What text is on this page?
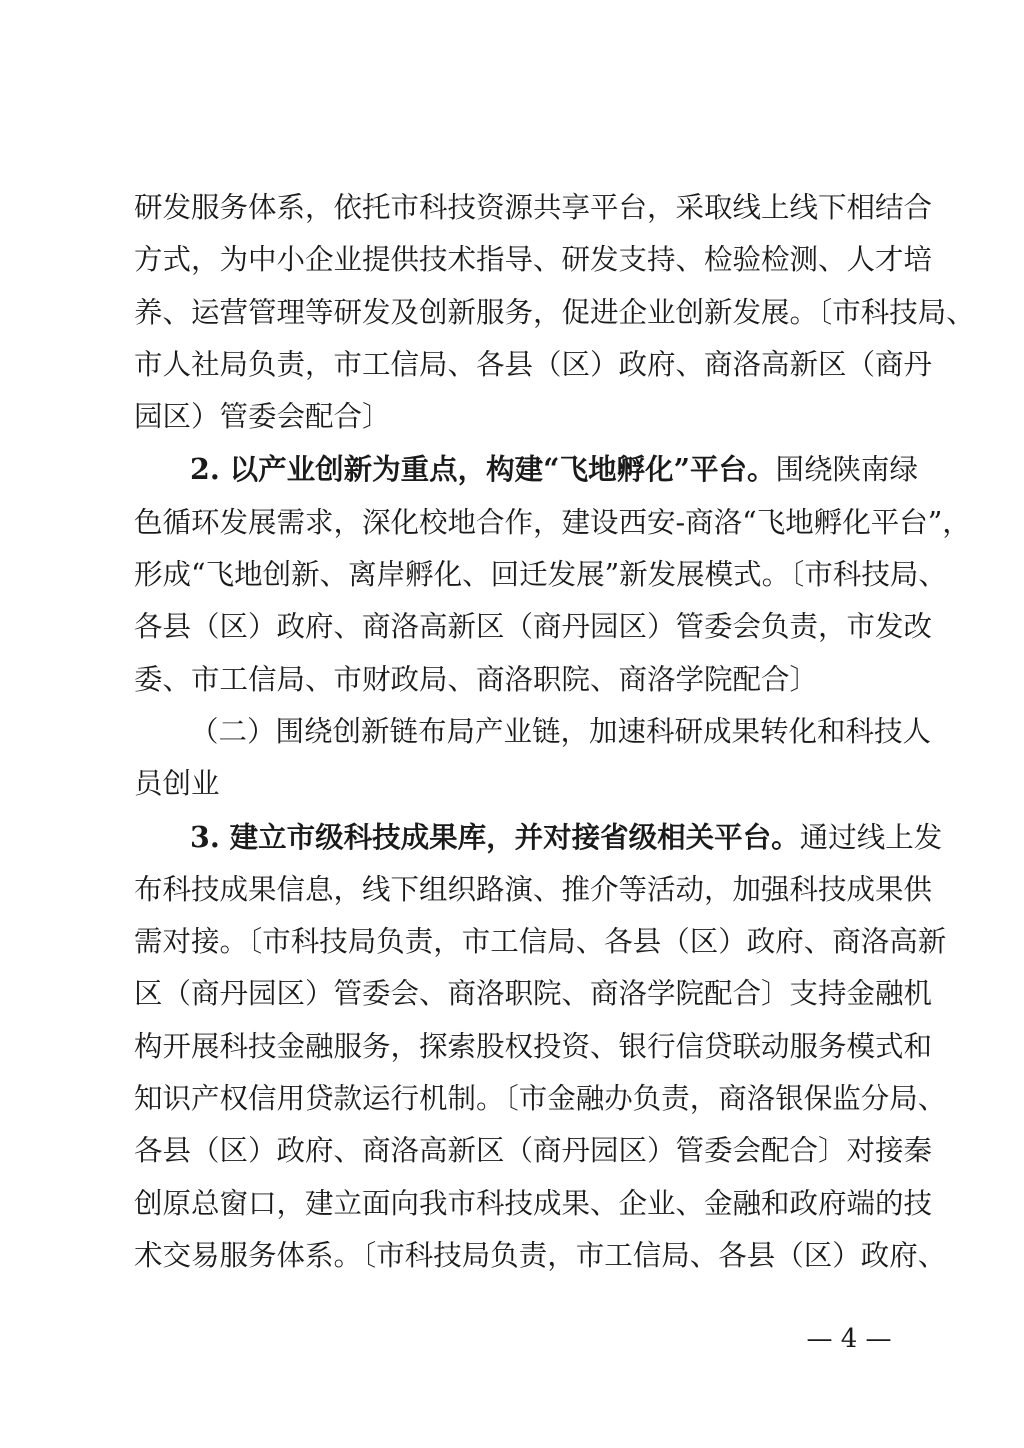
研发服务体系，依托市科技资源共享平台，采取线上线下相结合
方式，为中小企业提供技术指导、研发支持、检验检测、人才培
养、运营管理等研发及创新服务，促进企业创新发展。〔市科技局、
市人社局负责，市工信局、各县（区）政府、商洛高新区（商丹
园区）管委会配合〕
2. 以产业创新为重点，构建“飞地孵化”平台。围绕陕南绿
色循环发展需求，深化校地合作，建设西安-商洛“飞地孵化平台”，
形成“飞地创新、离岸孵化、回迁发展”新发展模式。〔市科技局、
各县（区）政府、商洛高新区（商丹园区）管委会负责，市发改
委、市工信局、市财政局、商洛职院、商洛学院配合〕
（二）围绕创新链布局产业链，加速科研成果转化和科技人
员创业
3. 建立市级科技成果库，并对接省级相关平台。通过线上发
布科技成果信息，线下组织路演、推介等活动，加强科技成果供
需对接。〔市科技局负责，市工信局、各县（区）政府、商洛高新
区（商丹园区）管委会、商洛职院、商洛学院配合〕支持金融机
构开展科技金融服务，探索股权投资、银行信贷联动服务模式和
知识产权信用贷款运行机制。〔市金融办负责，商洛银保监分局、
各县（区）政府、商洛高新区（商丹园区）管委会配合〕对接秦
创原总窗口，建立面向我市科技成果、企业、金融和政府端的技
术交易服务体系。〔市科技局负责，市工信局、各县（区）政府、
— 4 —
